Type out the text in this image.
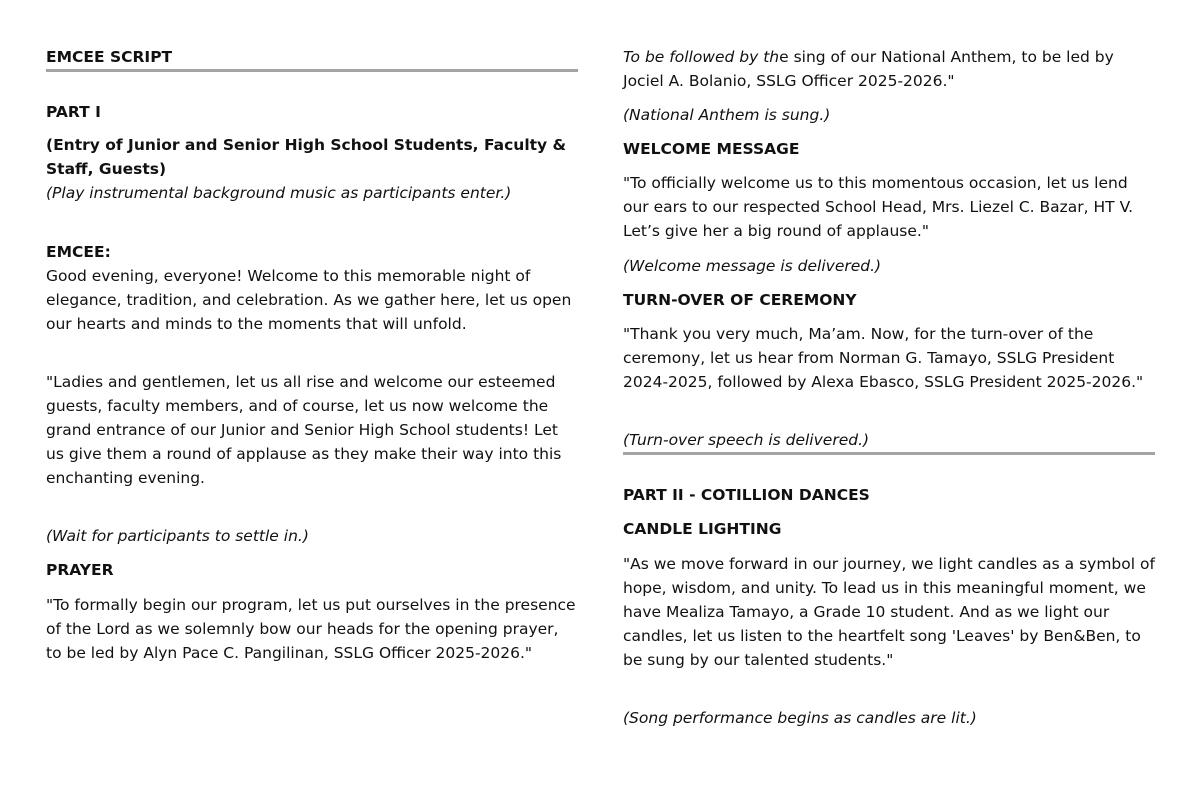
EMCEE SCRIPT
PART I
(Entry of Junior and Senior High School Students, Faculty & Staff, Guests)
(Play instrumental background music as participants enter.)
EMCEE:
Good evening, everyone! Welcome to this memorable night of elegance, tradition, and celebration. As we gather here, let us open our hearts and minds to the moments that will unfold.
"Ladies and gentlemen, let us all rise and welcome our esteemed guests, faculty members, and of course, let us now welcome the grand entrance of our Junior and Senior High School students! Let us give them a round of applause as they make their way into this enchanting evening.
(Wait for participants to settle in.)
PRAYER
"To formally begin our program, let us put ourselves in the presence of the Lord as we solemnly bow our heads for the opening prayer, to be led by Alyn Pace C. Pangilinan, SSLG Officer 2025-2026."
To be followed by the sing of our National Anthem, to be led by Jociel A. Bolanio, SSLG Officer 2025-2026."
(National Anthem is sung.)
WELCOME MESSAGE
"To officially welcome us to this momentous occasion, let us lend our ears to our respected School Head, Mrs. Liezel C. Bazar, HT V. Let’s give her a big round of applause."
(Welcome message is delivered.)
TURN-OVER OF CEREMONY
"Thank you very much, Ma’am. Now, for the turn-over of the ceremony, let us hear from Norman G. Tamayo, SSLG President 2024-2025, followed by Alexa Ebasco, SSLG President 2025-2026."
(Turn-over speech is delivered.)
PART II - COTILLION DANCES
CANDLE LIGHTING
"As we move forward in our journey, we light candles as a symbol of hope, wisdom, and unity. To lead us in this meaningful moment, we have Mealiza Tamayo, a Grade 10 student. And as we light our candles, let us listen to the heartfelt song 'Leaves' by Ben&Ben, to be sung by our talented students."
(Song performance begins as candles are lit.)
